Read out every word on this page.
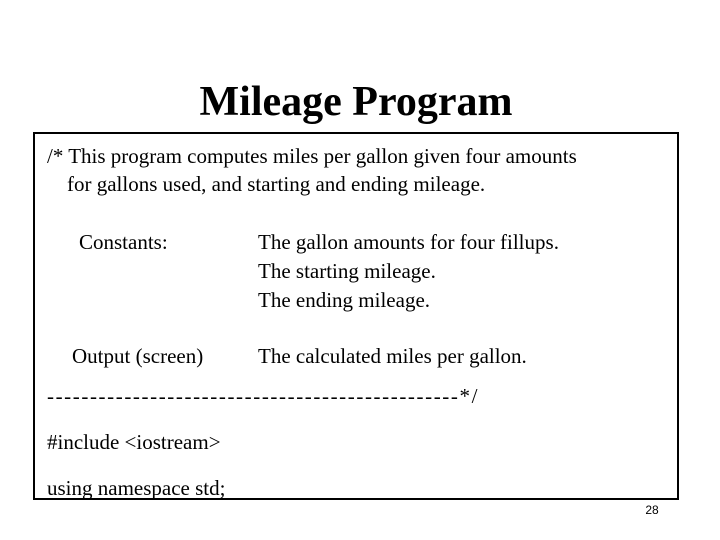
Mileage Program
/* This program computes miles per gallon given four amounts
for gallons used, and starting and ending mileage.
Constants:	The gallon amounts for four fillups.
The starting mileage.
The ending mileage.
Output (screen)	The calculated miles per gallon.
------------------------------------------------*/
#include <iostream>
using namespace std;
28
